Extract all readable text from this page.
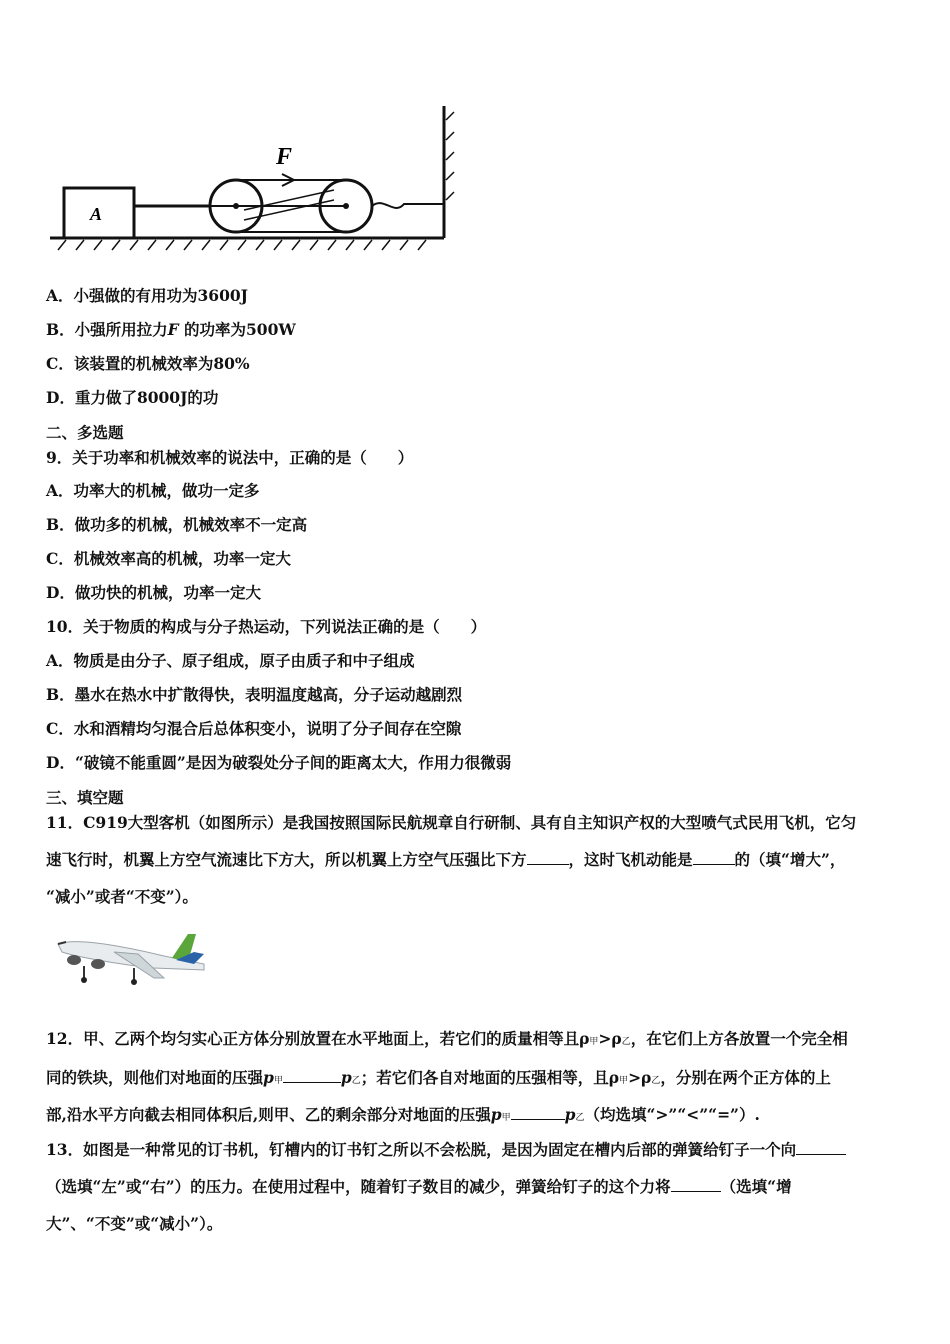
A
F
A．小强做的有用功为3600J
B．小强所用拉力F 的功率为500W
C．该装置的机械效率为80%
D．重力做了8000J的功
二、多选题
9．关于功率和机械效率的说法中，正确的是（　　）
A．功率大的机械，做功一定多
B．做功多的机械，机械效率不一定高
C．机械效率高的机械，功率一定大
D．做功快的机械，功率一定大
10．关于物质的构成与分子热运动，下列说法正确的是（　　）
A．物质是由分子、原子组成，原子由质子和中子组成
B．墨水在热水中扩散得快，表明温度越高，分子运动越剧烈
C．水和酒精均匀混合后总体积变小，说明了分子间存在空隙
D．“破镜不能重圆”是因为破裂处分子间的距离太大，作用力很微弱
三、填空题
11．C919大型客机（如图所示）是我国按照国际民航规章自行研制、具有自主知识产权的大型喷气式民用飞机，它匀
速飞行时，机翼上方空气流速比下方大，所以机翼上方空气压强比下方	，这时飞机动能是	的（填“增大”，
“减小”或者“不变”）。
12．甲、乙两个均匀实心正方体分别放置在水平地面上，若它们的质量相等且ρ甲>ρ乙，在它们上方各放置一个完全相
同的铁块，则他们对地面的压强p甲	p乙；若它们各自对地面的压强相等，且ρ甲>ρ乙，分别在两个正方体的上
部,沿水平方向截去相同体积后,则甲、乙的剩余部分对地面的压强p甲	p乙（均选填“>”“<”“=”）.
13．如图是一种常见的订书机，钉槽内的订书钉之所以不会松脱，是因为固定在槽内后部的弹簧给钉子一个向
（选填“左”或“右”）的压力。在使用过程中，随着钉子数目的减少，弹簧给钉子的这个力将	（选填“增
大”、“不变”或“减小”）。
